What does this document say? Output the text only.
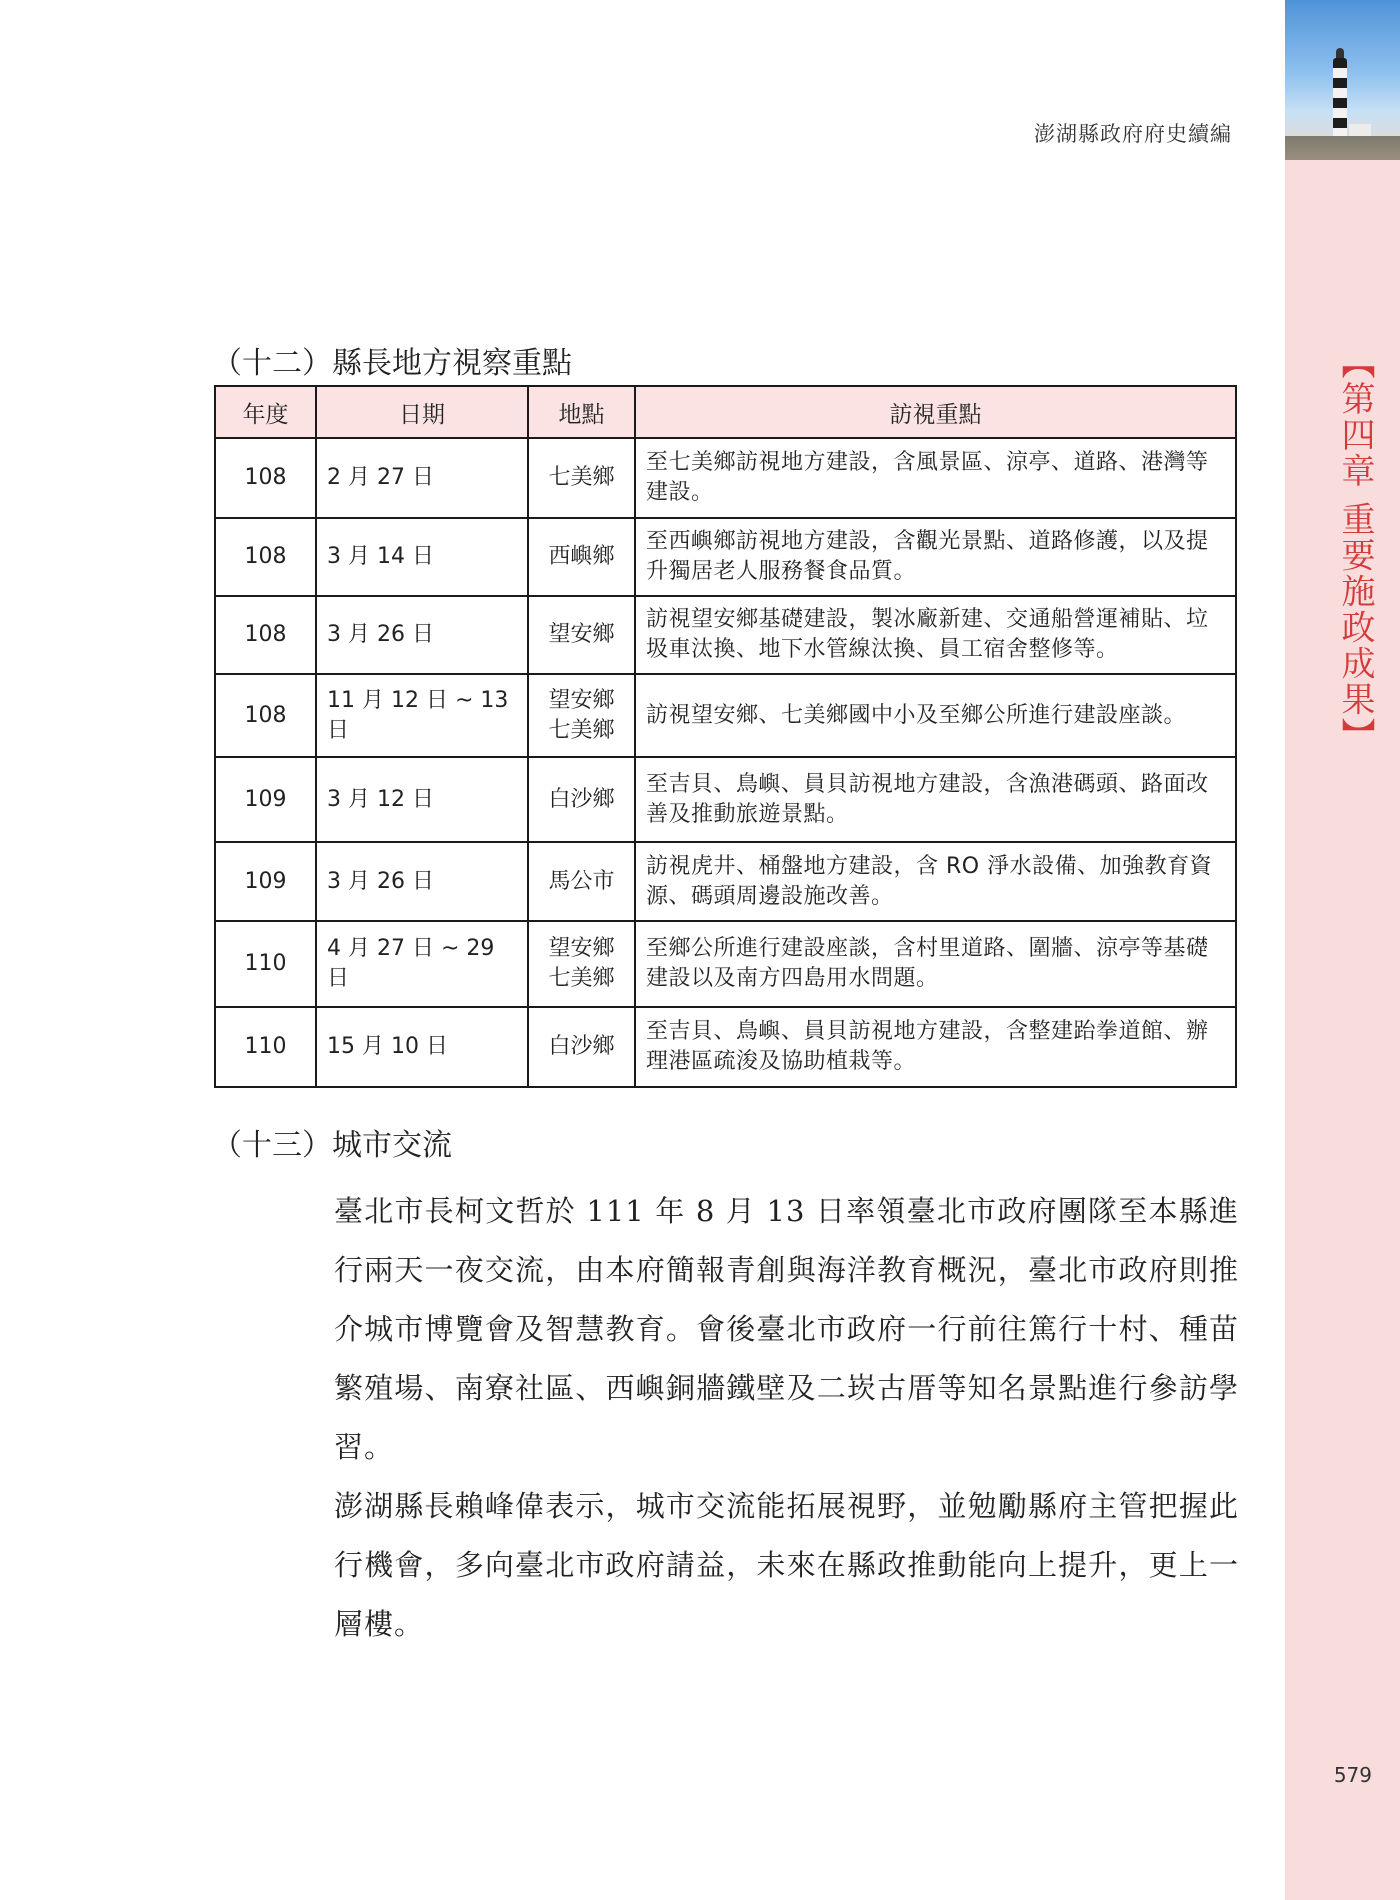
【第四章 重要施政成果】
澎湖縣政府府史續編
（十二）縣長地方視察重點
年度	日期	地點	訪視重點
108	2 月 27 日	七美鄉	至七美鄉訪視地方建設，含風景區、涼亭、道路、港灣等建設。
108	3 月 14 日	西嶼鄉	至西嶼鄉訪視地方建設，含觀光景點、道路修護，以及提升獨居老人服務餐食品質。
108	3 月 26 日	望安鄉	訪視望安鄉基礎建設，製冰廠新建、交通船營運補貼、垃圾車汰換、地下水管線汰換、員工宿舍整修等。
108	11 月 12 日 ~ 13 日	望安鄉 七美鄉	訪視望安鄉、七美鄉國中小及至鄉公所進行建設座談。
109	3 月 12 日	白沙鄉	至吉貝、鳥嶼、員貝訪視地方建設，含漁港碼頭、路面改善及推動旅遊景點。
109	3 月 26 日	馬公市	訪視虎井、桶盤地方建設，含 RO 淨水設備、加強教育資源、碼頭周邊設施改善。
110	4 月 27 日 ~ 29 日	望安鄉 七美鄉	至鄉公所進行建設座談，含村里道路、圍牆、涼亭等基礎建設以及南方四島用水問題。
110	15 月 10 日	白沙鄉	至吉貝、鳥嶼、員貝訪視地方建設，含整建跆拳道館、辦理港區疏浚及協助植栽等。
（十三）城市交流

臺北市長柯文哲於 111 年 8 月 13 日率領臺北市政府團隊至本縣進行兩天一夜交流，由本府簡報青創與海洋教育概況，臺北市政府則推介城市博覽會及智慧教育。會後臺北市政府一行前往篤行十村、種苗繁殖場、南寮社區、西嶼銅牆鐵壁及二崁古厝等知名景點進行參訪學習。

澎湖縣長賴峰偉表示，城市交流能拓展視野，並勉勵縣府主管把握此行機會，多向臺北市政府請益，未來在縣政推動能向上提升，更上一層樓。

579
